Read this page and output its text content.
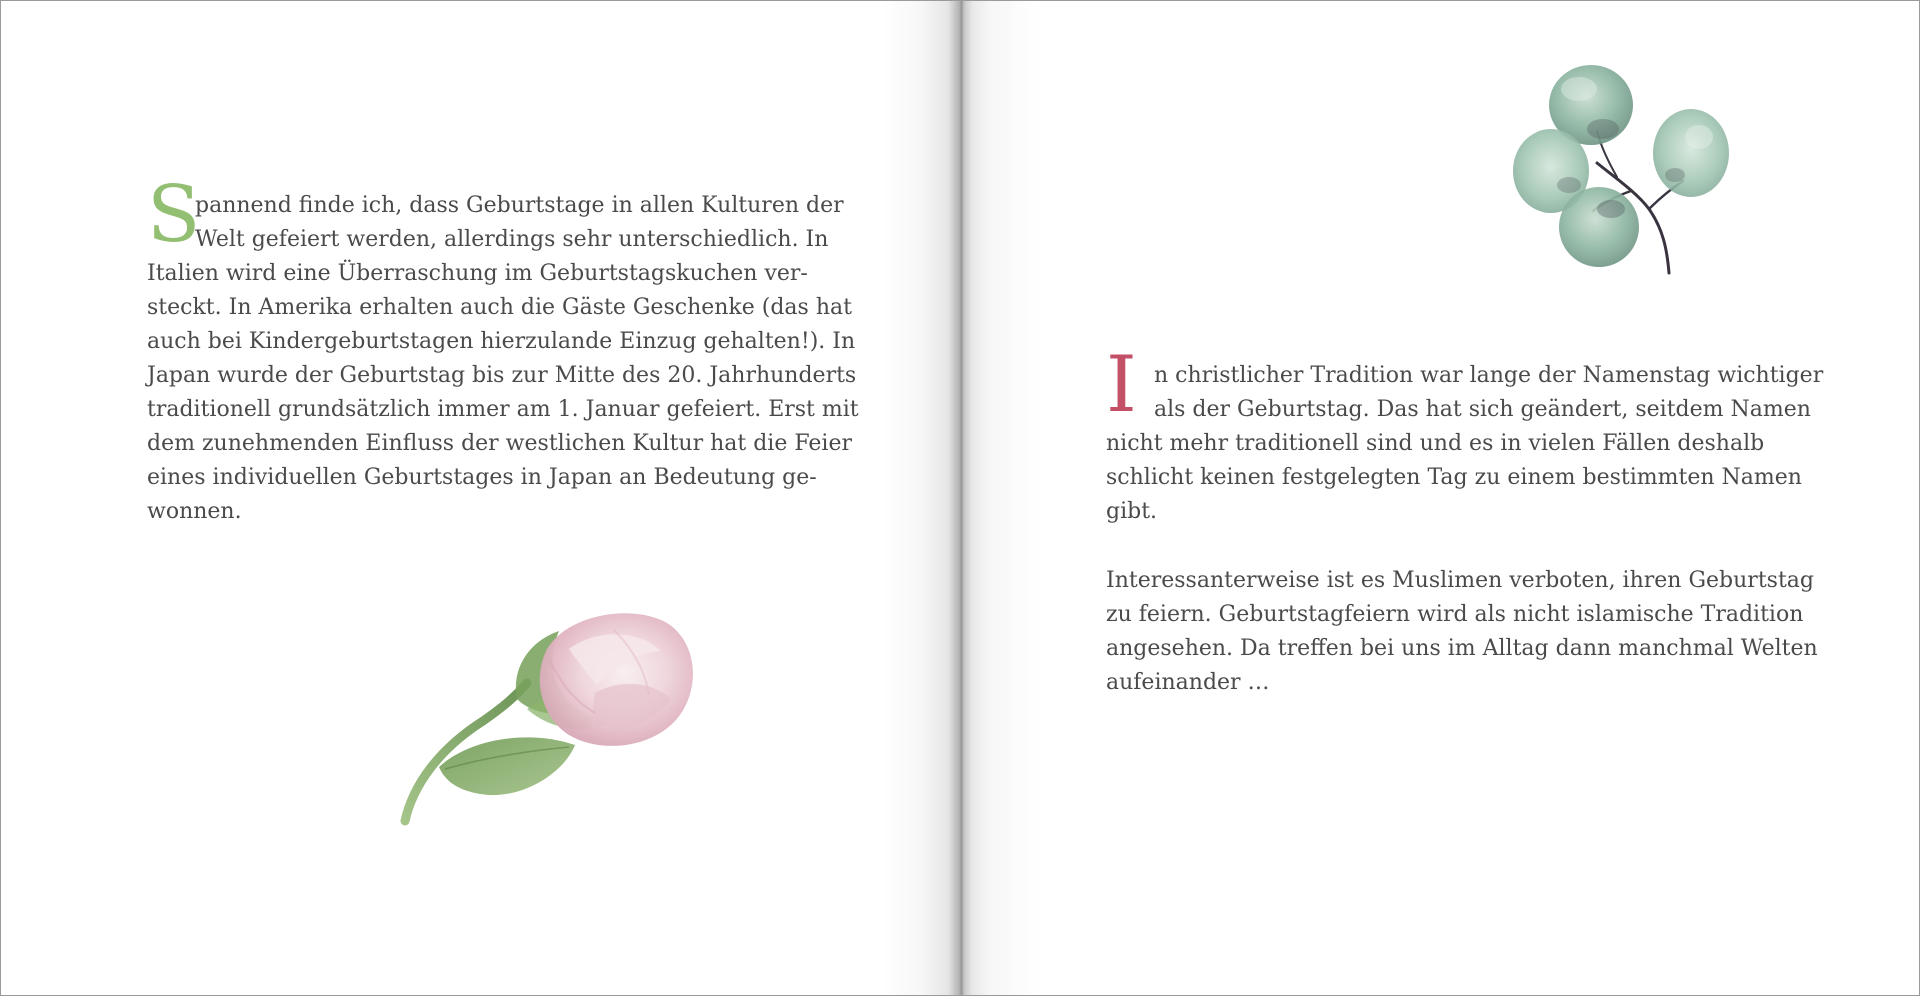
S
pannend finde ich, dass Geburtstage in allen Kulturen der
Welt gefeiert werden, allerdings sehr unterschiedlich. In
Italien wird eine Überraschung im Geburtstagskuchen ver-
steckt. In Amerika erhalten auch die Gäste Geschenke (das hat
auch bei Kindergeburtstagen hierzulande Einzug gehalten!). In
Japan wurde der Geburtstag bis zur Mitte des 20. Jahrhunderts
traditionell grundsätzlich immer am 1. Januar gefeiert. Erst mit
dem zunehmenden Einfluss der westlichen Kultur hat die Feier
eines individuellen Geburtstages in Japan an Bedeutung ge-
wonnen.
I n christlicher Tradition war lange der Namenstag wichtiger
als der Geburtstag. Das hat sich geändert, seitdem Namen
nicht mehr traditionell sind und es in vielen Fällen deshalb
schlicht keinen festgelegten Tag zu einem bestimmten Namen
gibt.
Interessanterweise ist es Muslimen verboten, ihren Geburtstag
zu feiern. Geburtstagfeiern wird als nicht islamische Tradition
angesehen. Da treffen bei uns im Alltag dann manchmal Welten
aufeinander …
